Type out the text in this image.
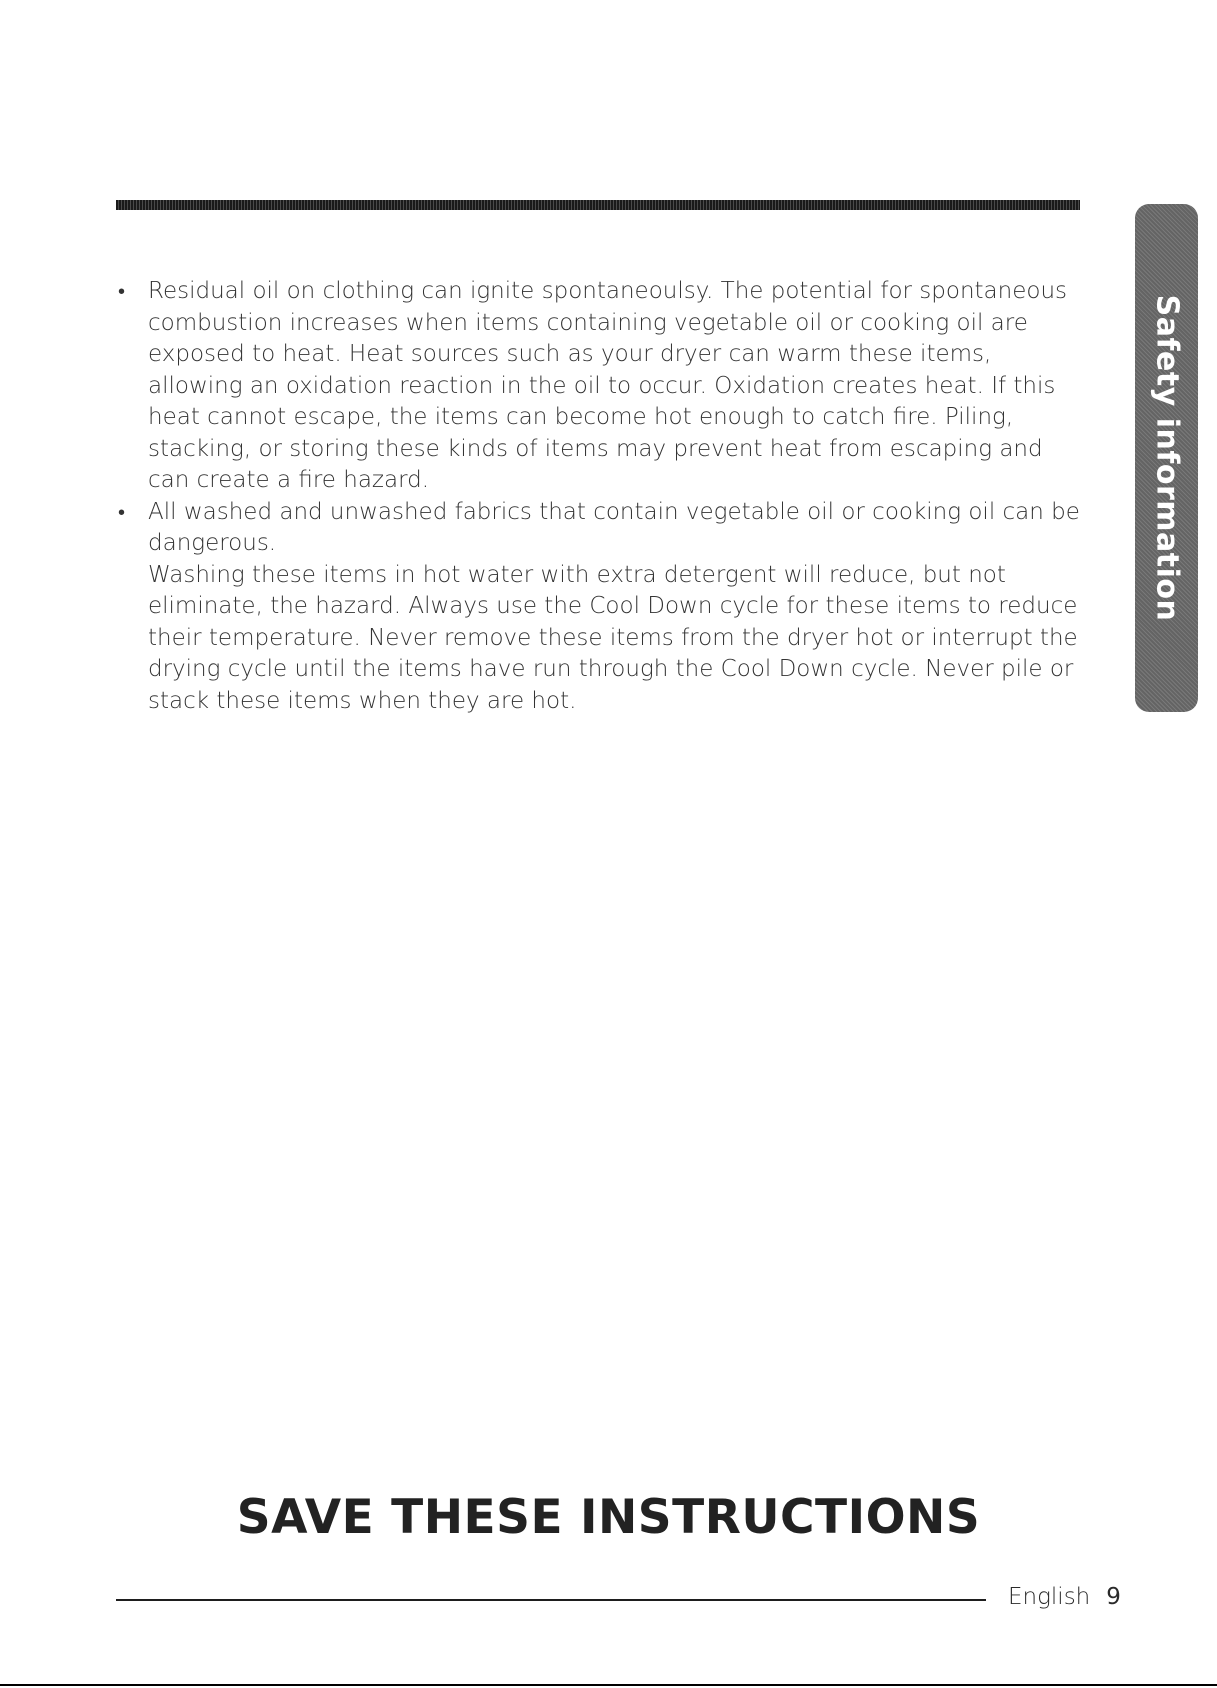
Safety information
• Residual oil on clothing can ignite spontaneoulsy. The potential for spontaneous combustion increases when items containing vegetable oil or cooking oil are exposed to heat. Heat sources such as your dryer can warm these items, allowing an oxidation reaction in the oil to occur. Oxidation creates heat. If this heat cannot escape, the items can become hot enough to catch fire. Piling, stacking, or storing these kinds of items may prevent heat from escaping and can create a fire hazard.

• All washed and unwashed fabrics that contain vegetable oil or cooking oil can be dangerous.

Washing these items in hot water with extra detergent will reduce, but not eliminate, the hazard. Always use the Cool Down cycle for these items to reduce their temperature. Never remove these items from the dryer hot or interrupt the drying cycle until the items have run through the Cool Down cycle. Never pile or stack these items when they are hot.

SAVE THESE INSTRUCTIONS
English 9
